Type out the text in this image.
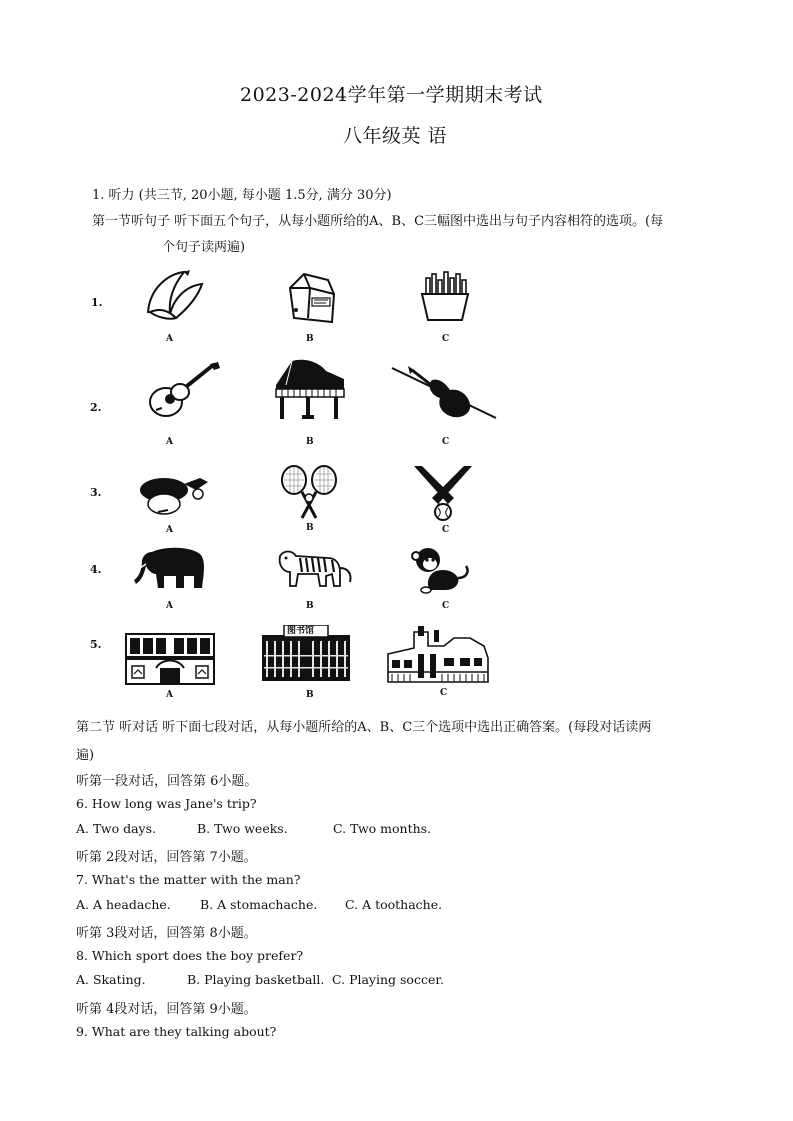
2023-2024学年第一学期期末考试
八年级英 语
1. 听力 (共三节, 20小题, 每小题 1.5分, 满分 30分)
第一节听句子 听下面五个句子，从每小题所给的A、B、C三幅图中选出与句子内容相符的选项。(每
个句子读两遍)
1.
2.
3.
4.
5.
图书馆
A	B	C
A	B	C
A	B	C
A	B	C
A	B	C
第二节 听对话 听下面七段对话，从每小题所给的A、B、C三个选项中选出正确答案。(每段对话读两
遍)
听第一段对话，回答第 6小题。
6. How long was Jane's trip?
A. Two days.	B. Two weeks.	C. Two months.
听第 2段对话，回答第 7小题。
7. What's the matter with the man?
A. A headache. B. A stomachache. C. A toothache.
听第 3段对话，回答第 8小题。
8. Which sport does the boy prefer?
A. Skating.	B. Playing basketball. C. Playing soccer.
听第 4段对话，回答第 9小题。
9. What are they talking about?
